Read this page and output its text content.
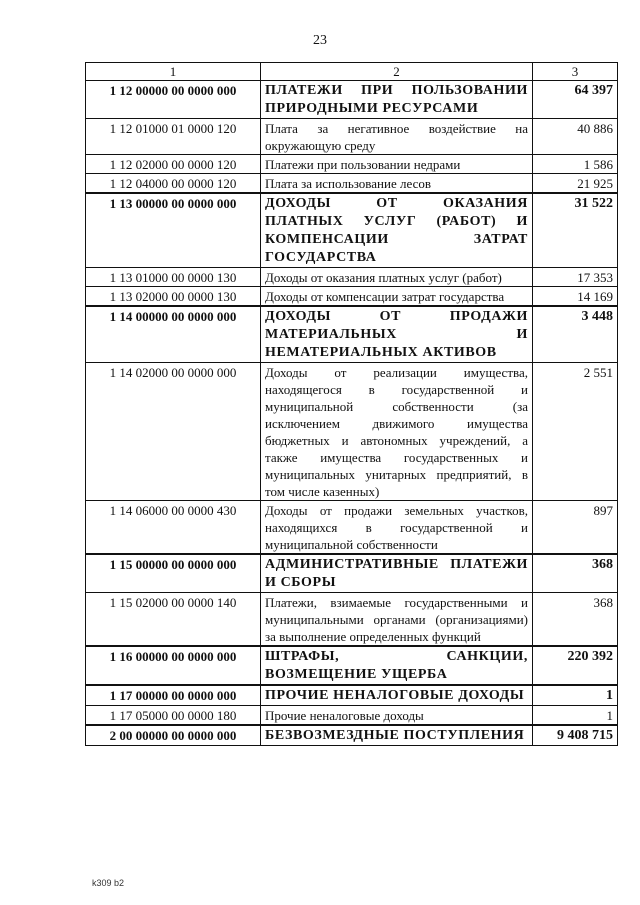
23
1	2	3
1 12 00000 00 0000 000	ПЛАТЕЖИ ПРИ ПОЛЬЗОВАНИИ ПРИРОДНЫМИ РЕСУРСАМИ	64 397
1 12 01000 01 0000 120	Плата за негативное воздействие на окружающую среду	40 886
1 12 02000 00 0000 120	Платежи при пользовании недрами	1 586
1 12 04000 00 0000 120	Плата за использование лесов	21 925
1 13 00000 00 0000 000	ДОХОДЫ ОТ ОКАЗАНИЯ ПЛАТНЫХ УСЛУГ (РАБОТ) И КОМПЕНСАЦИИ ЗАТРАТ ГОСУДАРСТВА	31 522
1 13 01000 00 0000 130	Доходы от оказания платных услуг (работ)	17 353
1 13 02000 00 0000 130	Доходы от компенсации затрат государства	14 169
1 14 00000 00 0000 000	ДОХОДЫ ОТ ПРОДАЖИ МАТЕРИАЛЬНЫХ И НЕМАТЕРИАЛЬНЫХ АКТИВОВ	3 448
1 14 02000 00 0000 000	Доходы от реализации имущества, находящегося в государственной и муниципальной собственности (за исключением движимого имущества бюджетных и автономных учреждений, а также имущества государственных и муниципальных унитарных предприятий, в том числе казенных)	2 551
1 14 06000 00 0000 430	Доходы от продажи земельных участков, находящихся в государственной и муниципальной собственности	897
1 15 00000 00 0000 000	АДМИНИСТРАТИВНЫЕ ПЛАТЕЖИ И СБОРЫ	368
1 15 02000 00 0000 140	Платежи, взимаемые государственными и муниципальными органами (организациями) за выполнение определенных функций	368
1 16 00000 00 0000 000	ШТРАФЫ, САНКЦИИ, ВОЗМЕЩЕНИЕ УЩЕРБА	220 392
1 17 00000 00 0000 000	ПРОЧИЕ НЕНАЛОГОВЫЕ ДОХОДЫ	1
1 17 05000 00 0000 180	Прочие неналоговые доходы	1
2 00 00000 00 0000 000	БЕЗВОЗМЕЗДНЫЕ ПОСТУПЛЕНИЯ	9 408 715
k309 b2
